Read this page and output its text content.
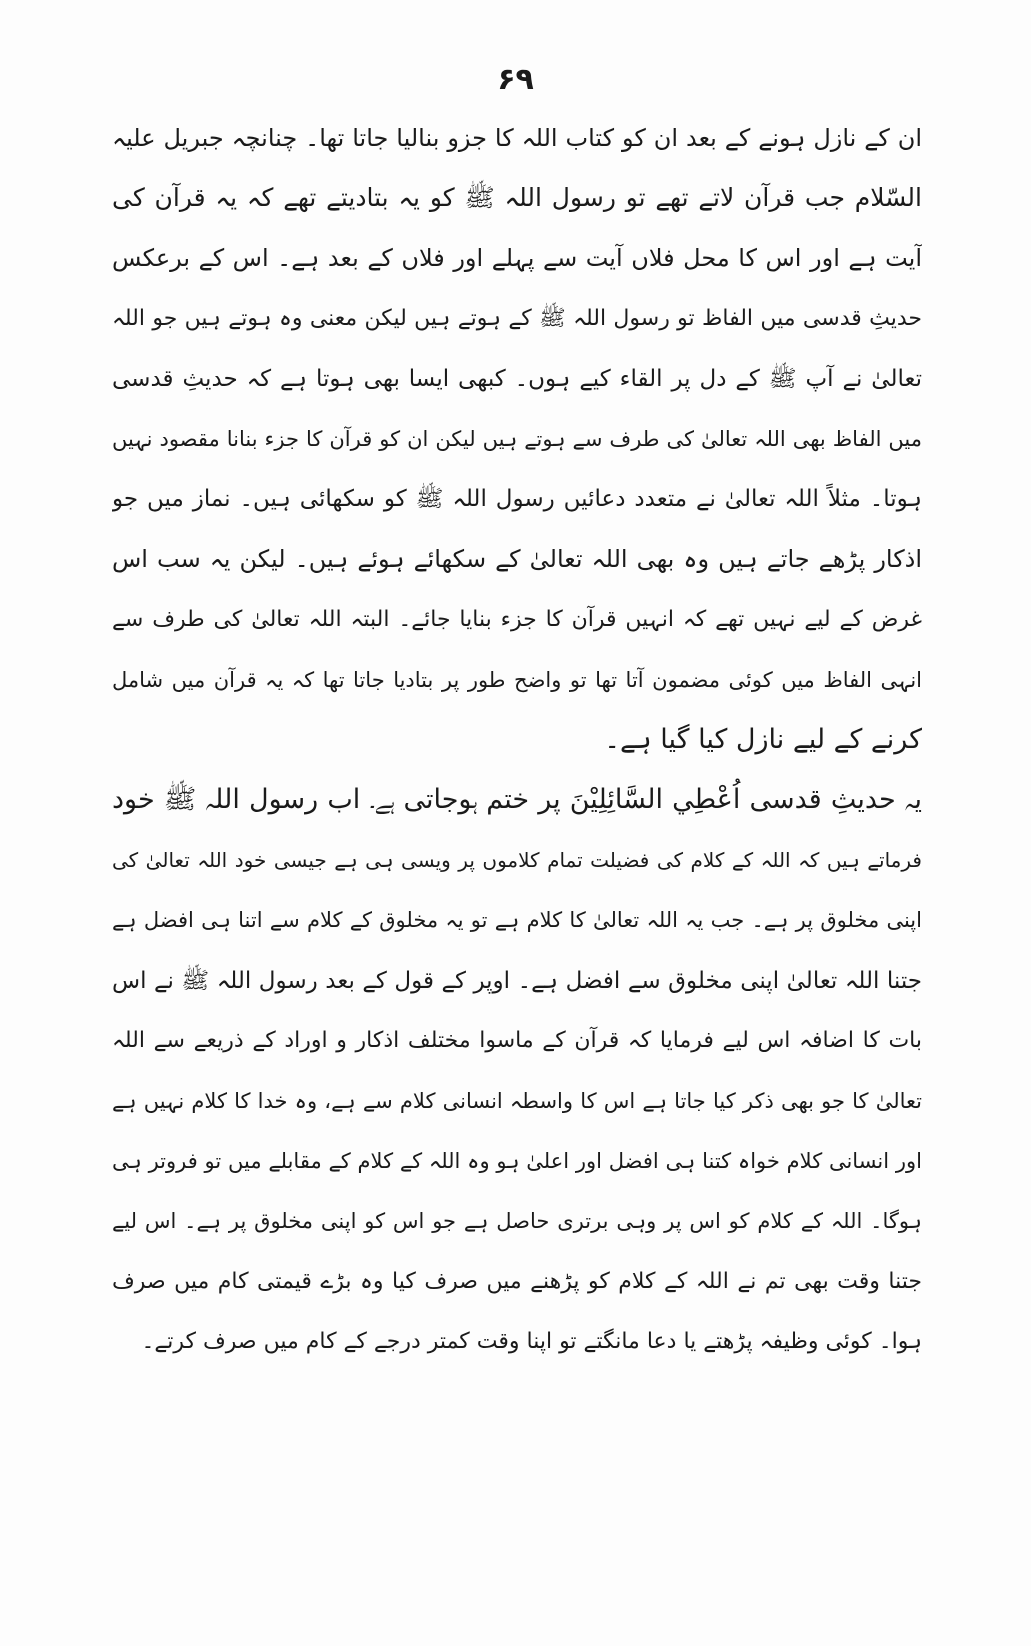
۶۹
ان کے نازل ہونے کے بعد ان کو کتاب اللہ کا جزو بنالیا جاتا تھا۔ چنانچہ جبریل علیہ
السّلام جب قرآن لاتے تھے تو رسول اللہ ﷺ کو یہ بتادیتے تھے کہ یہ قرآن کی
آیت ہے اور اس کا محل فلاں آیت سے پہلے اور فلاں کے بعد ہے۔ اس کے برعکس
حدیثِ قدسی میں الفاظ تو رسول اللہ ﷺ کے ہوتے ہیں لیکن معنی وہ ہوتے ہیں جو اللہ
تعالیٰ نے آپ ﷺ کے دل پر القاء کیے ہوں۔ کبھی ایسا بھی ہوتا ہے کہ حدیثِ قدسی
میں الفاظ بھی اللہ تعالیٰ کی طرف سے ہوتے ہیں لیکن ان کو قرآن کا جزء بنانا مقصود نہیں
ہوتا۔ مثلاً اللہ تعالیٰ نے متعدد دعائیں رسول اللہ ﷺ کو سکھائی ہیں۔ نماز میں جو
اذکار پڑھے جاتے ہیں وہ بھی اللہ تعالیٰ کے سکھائے ہوئے ہیں۔ لیکن یہ سب اس
غرض کے لیے نہیں تھے کہ انہیں قرآن کا جزء بنایا جائے۔ البتہ اللہ تعالیٰ کی طرف سے
انہی الفاظ میں کوئی مضمون آتا تھا تو واضح طور پر بتادیا جاتا تھا کہ یہ قرآن میں شامل
کرنے کے لیے نازل کیا گیا ہے۔
یہ حدیثِ قدسی اُعْطِي السَّائِلِيْنَ پر ختم ہوجاتی ہے۔ اب رسول اللہ ﷺ خود
فرماتے ہیں کہ اللہ کے کلام کی فضیلت تمام کلاموں پر ویسی ہی ہے جیسی خود اللہ تعالیٰ کی
اپنی مخلوق پر ہے۔ جب یہ اللہ تعالیٰ کا کلام ہے تو یہ مخلوق کے کلام سے اتنا ہی افضل ہے
جتنا اللہ تعالیٰ اپنی مخلوق سے افضل ہے۔ اوپر کے قول کے بعد رسول اللہ ﷺ نے اس
بات کا اضافہ اس لیے فرمایا کہ قرآن کے ماسوا مختلف اذکار و اوراد کے ذریعے سے اللہ
تعالیٰ کا جو بھی ذکر کیا جاتا ہے اس کا واسطہ انسانی کلام سے ہے، وہ خدا کا کلام نہیں ہے
اور انسانی کلام خواہ کتنا ہی افضل اور اعلیٰ ہو وہ اللہ کے کلام کے مقابلے میں تو فروتر ہی
ہوگا۔ اللہ کے کلام کو اس پر وہی برتری حاصل ہے جو اس کو اپنی مخلوق پر ہے۔ اس لیے
جتنا وقت بھی تم نے اللہ کے کلام کو پڑھنے میں صرف کیا وہ بڑے قیمتی کام میں صرف
ہوا۔ کوئی وظیفہ پڑھتے یا دعا مانگتے تو اپنا وقت کمتر درجے کے کام میں صرف کرتے۔
